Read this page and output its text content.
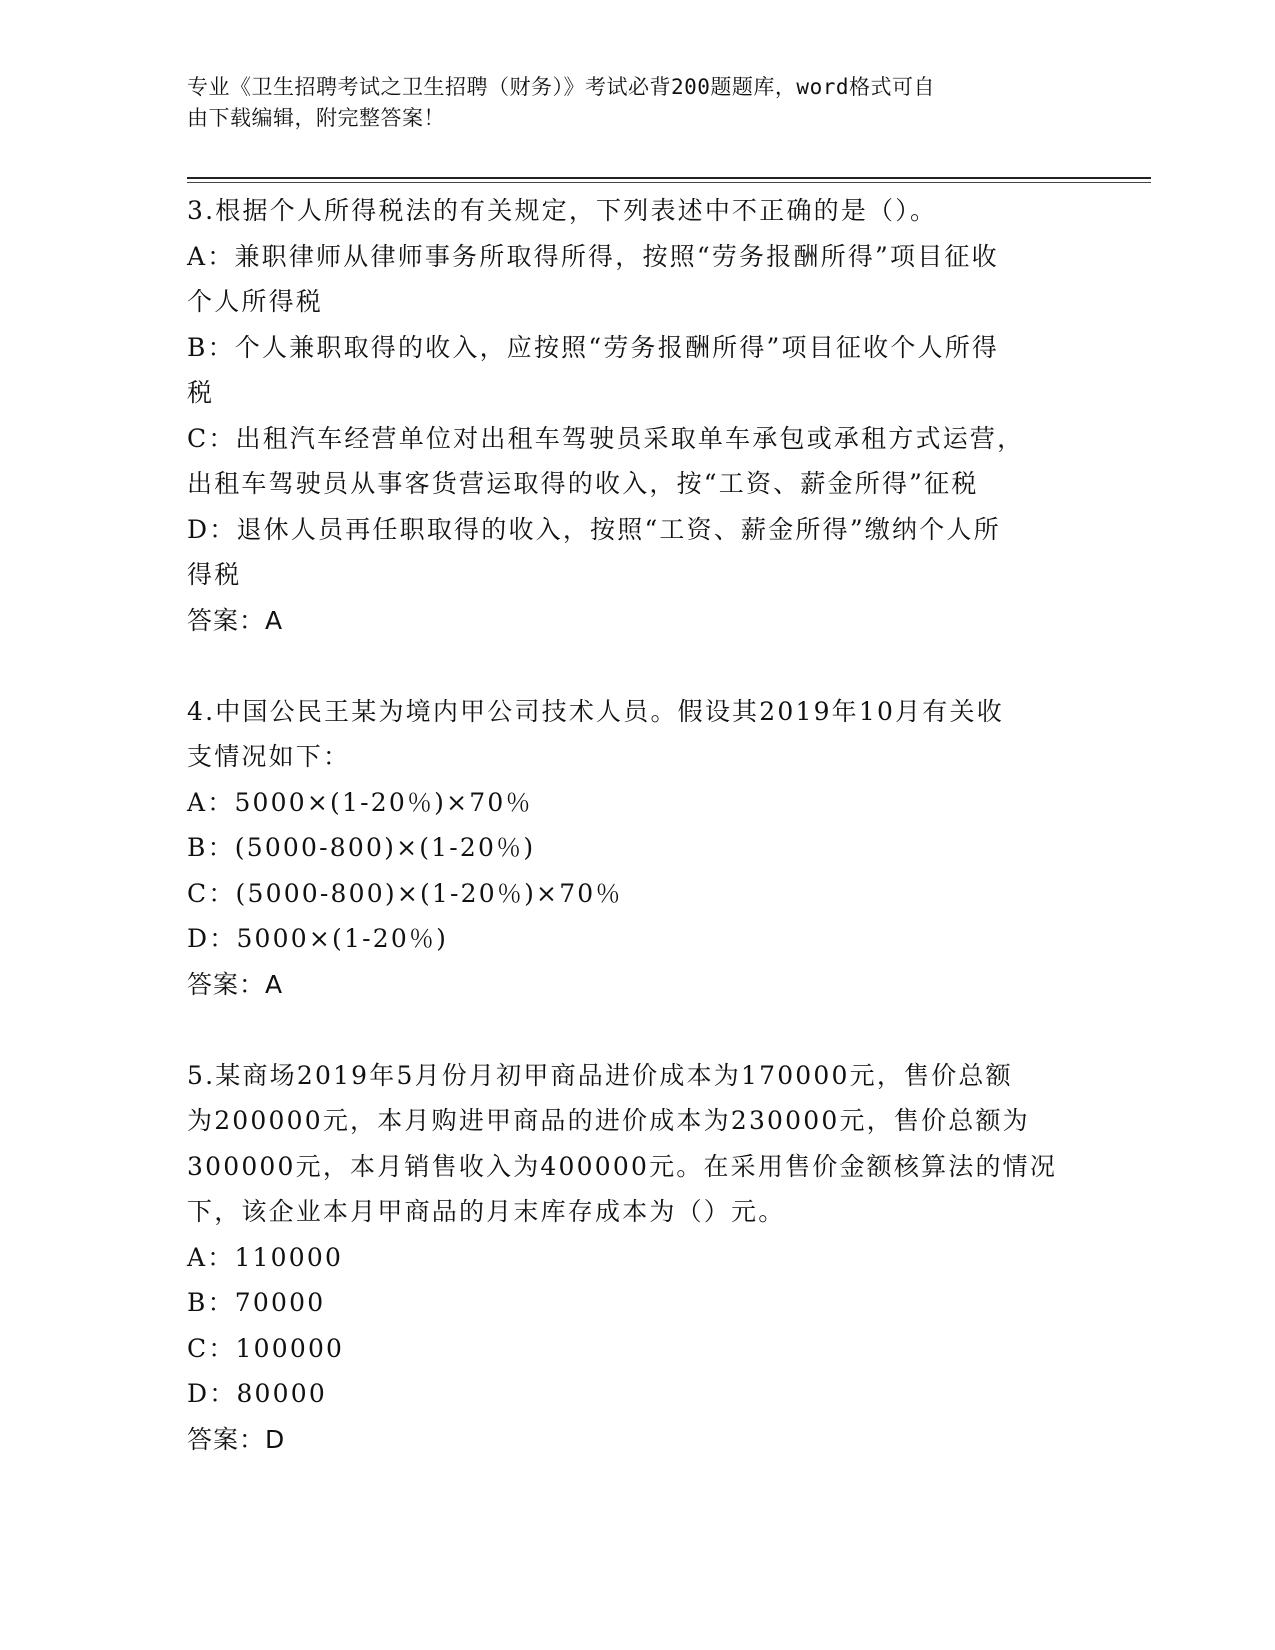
专业《卫生招聘考试之卫生招聘（财务）》考试必背200题题库，word格式可自
由下载编辑，附完整答案！

3.根据个人所得税法的有关规定，下列表述中不正确的是（）。

A：兼职律师从律师事务所取得所得，按照“劳务报酬所得”项目征收

个人所得税

B：个人兼职取得的收入，应按照“劳务报酬所得”项目征收个人所得

税

C：出租汽车经营单位对出租车驾驶员采取单车承包或承租方式运营，

出租车驾驶员从事客货营运取得的收入，按“工资、薪金所得”征税

D：退休人员再任职取得的收入，按照“工资、薪金所得”缴纳个人所

得税

答案：A

4.中国公民王某为境内甲公司技术人员。假设其2019年10月有关收

支情况如下：

A：5000×(1-20％)×70％

B：(5000-800)×(1-20％)

C：(5000-800)×(1-20％)×70％

D：5000×(1-20％)

答案：A

5.某商场2019年5月份月初甲商品进价成本为170000元，售价总额

为200000元，本月购进甲商品的进价成本为230000元，售价总额为

300000元，本月销售收入为400000元。在采用售价金额核算法的情况

下，该企业本月甲商品的月末库存成本为（）元。

A：110000

B：70000

C：100000

D：80000

答案：D
